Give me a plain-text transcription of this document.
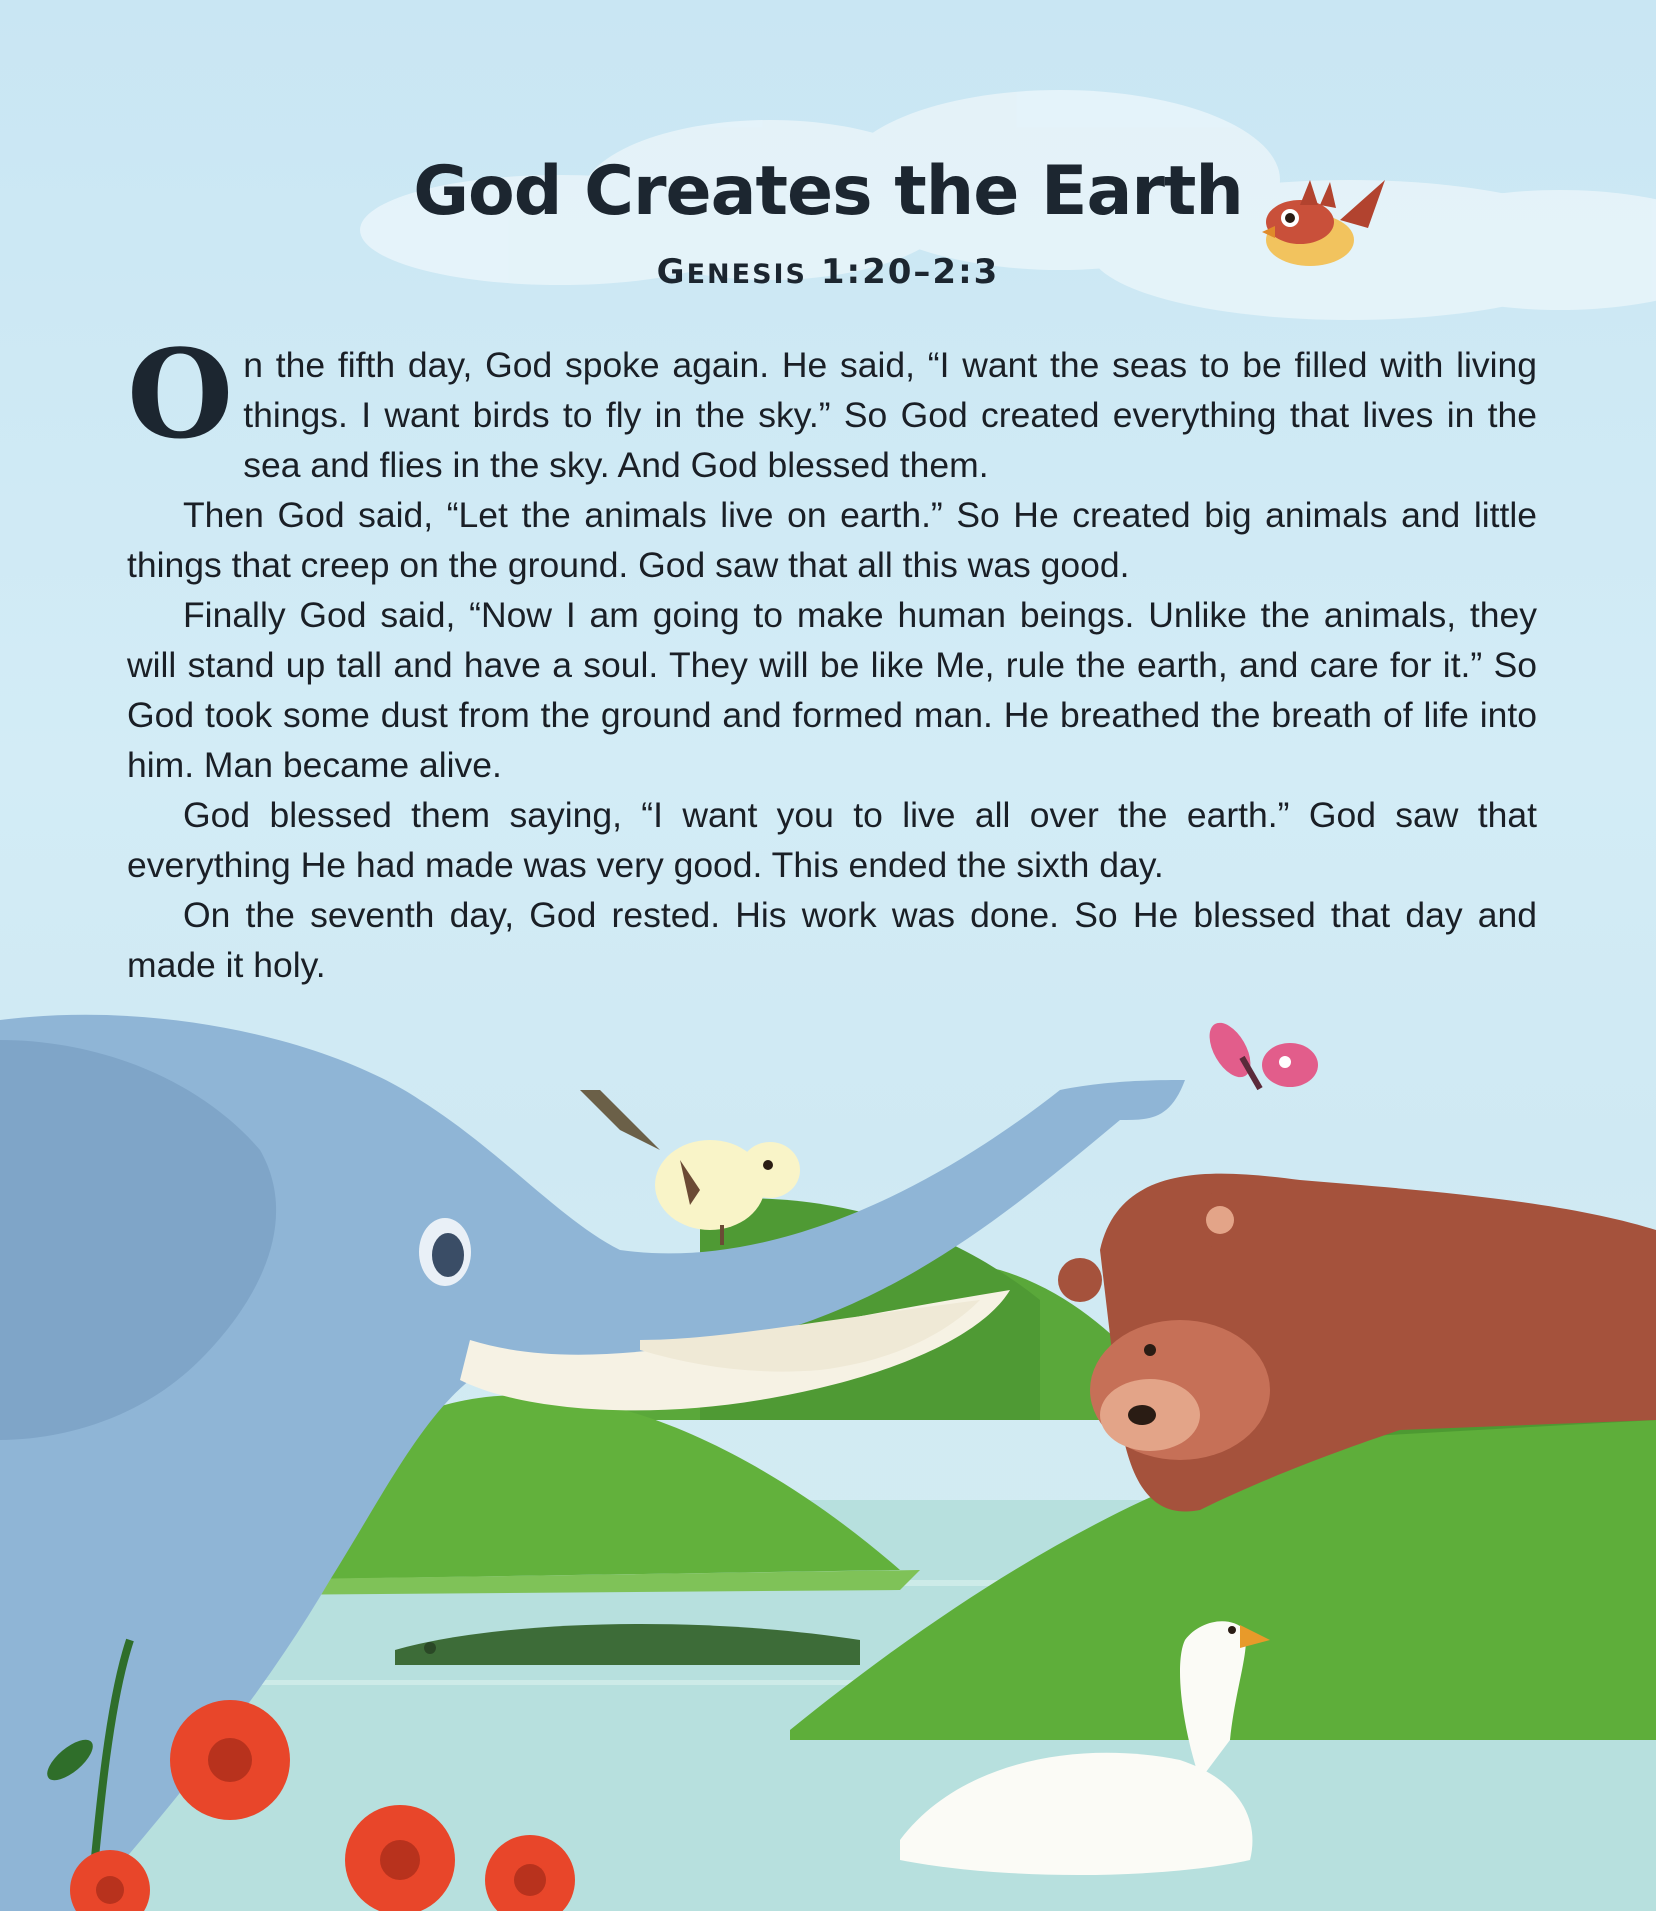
God Creates the Earth
GENESIS 1:20–2:3

On the fifth day, God spoke again. He said, “I want the seas to be filled with living things. I want birds to fly in the sky.” So God created everything that lives in the sea and flies in the sky. And God blessed them.

Then God said, “Let the animals live on earth.” So He created big animals and little things that creep on the ground. God saw that all this was good.

Finally God said, “Now I am going to make human beings. Unlike the animals, they will stand up tall and have a soul. They will be like Me, rule the earth, and care for it.” So God took some dust from the ground and formed man. He breathed the breath of life into him. Man became alive.

God blessed them saying, “I want you to live all over the earth.” God saw that everything He had made was very good. This ended the sixth day.

On the seventh day, God rested. His work was done. So He blessed that day and made it holy.
